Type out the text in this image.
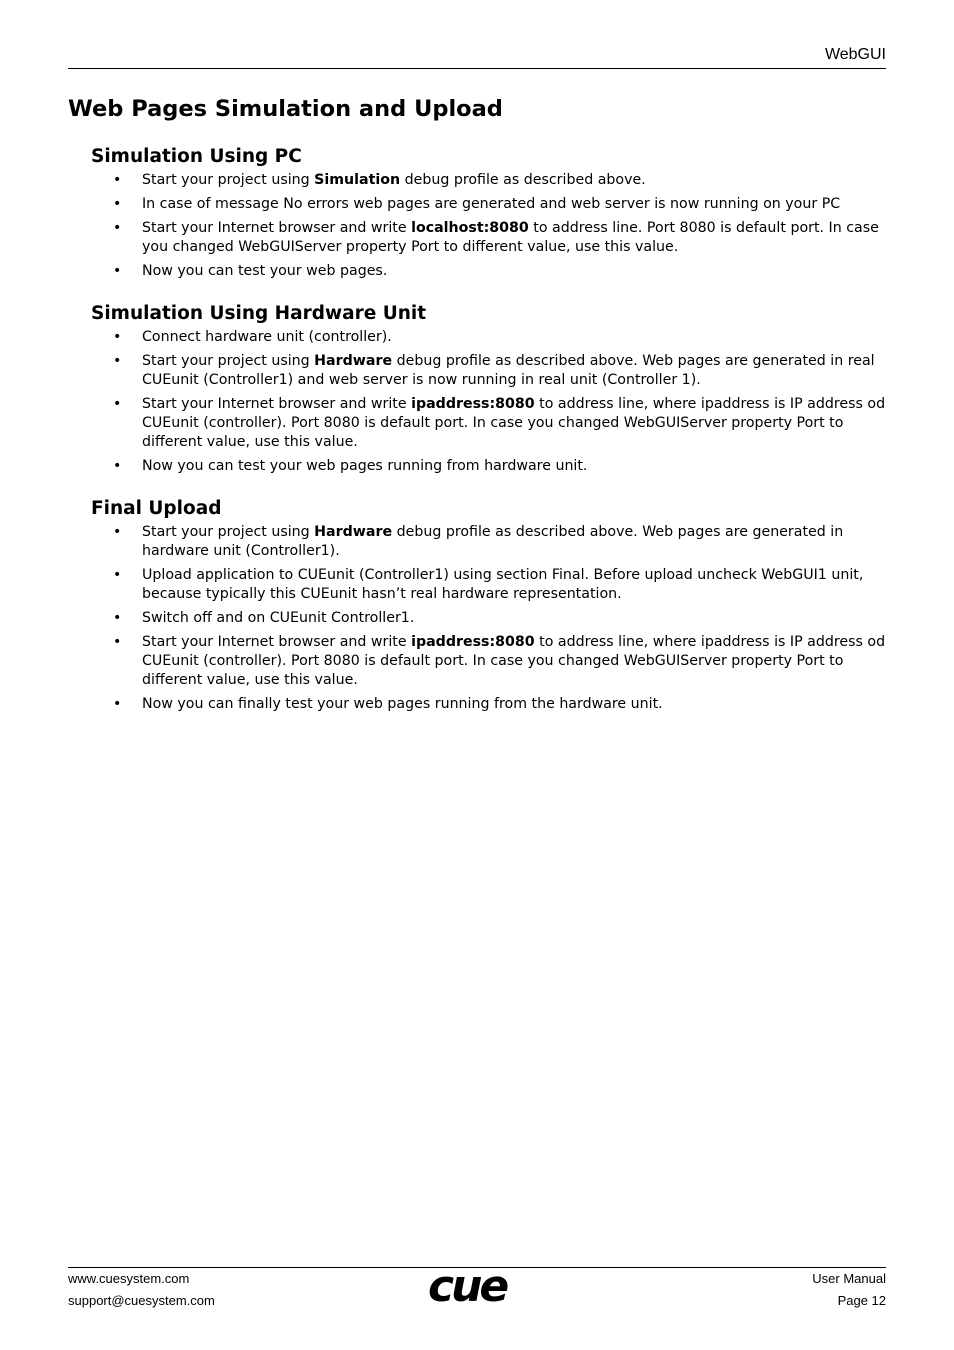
WebGUI
Web Pages Simulation and Upload
Simulation Using PC
• Start your project using Simulation debug profile as described above.
• In case of message No errors web pages are generated and web server is now running on your PC
• Start your Internet browser and write localhost:8080 to address line. Port 8080 is default port. In case you changed WebGUIServer property Port to different value, use this value.
• Now you can test your web pages.
Simulation Using Hardware Unit
• Connect hardware unit (controller).
• Start your project using Hardware debug profile as described above. Web pages are generated in real CUEunit (Controller1) and web server is now running in real unit (Controller 1).
• Start your Internet browser and write ipaddress:8080 to address line, where ipaddress is IP address od CUEunit (controller). Port 8080 is default port. In case you changed WebGUIServer property Port to different value, use this value.
• Now you can test your web pages running from hardware unit.
Final Upload
• Start your project using Hardware debug profile as described above. Web pages are generated in hardware unit (Controller1).
• Upload application to CUEunit (Controller1) using section Final. Before upload uncheck WebGUI1 unit, because typically this CUEunit hasn’t real hardware representation.
• Switch off and on CUEunit Controller1.
• Start your Internet browser and write ipaddress:8080 to address line, where ipaddress is IP address od CUEunit (controller). Port 8080 is default port. In case you changed WebGUIServer property Port to different value, use this value.
• Now you can finally test your web pages running from the hardware unit.
www.cuesystem.com
support@cuesystem.com	cue	User Manual
Page 12
